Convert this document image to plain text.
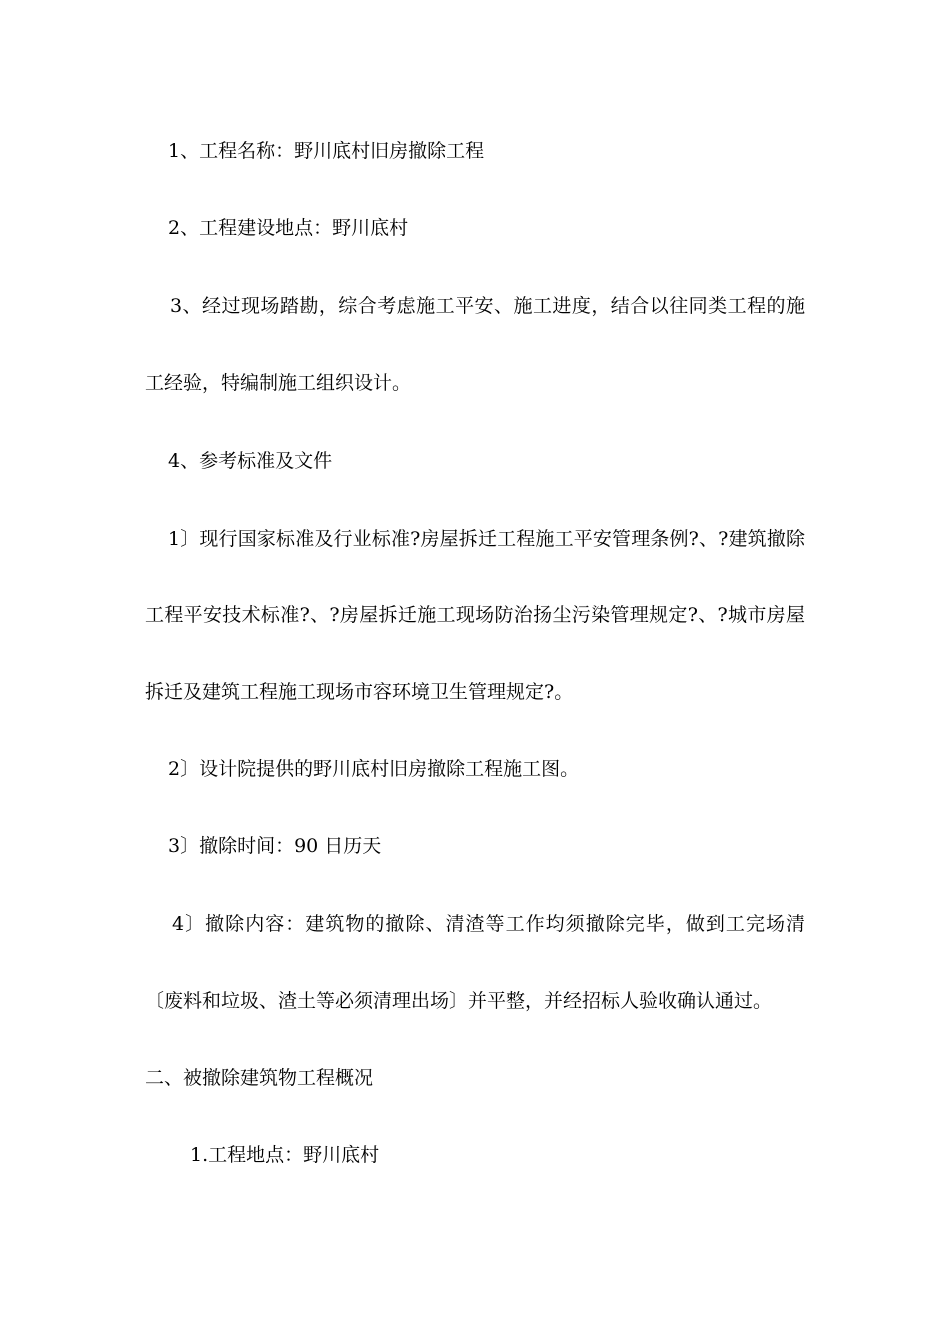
1、工程名称：野川底村旧房撤除工程

2、工程建设地点：野川底村

3、经过现场踏勘，综合考虑施工平安、施工进度，结合以往同类工程的施

工经验，特编制施工组织设计。

4、参考标准及文件

1〕现行国家标准及行业标准?房屋拆迁工程施工平安管理条例?、?建筑撤除

工程平安技术标准?、?房屋拆迁施工现场防治扬尘污染管理规定?、?城市房屋

拆迁及建筑工程施工现场市容环境卫生管理规定?。

2〕设计院提供的野川底村旧房撤除工程施工图。

3〕撤除时间：90 日历天

4〕撤除内容：建筑物的撤除、清渣等工作均须撤除完毕，做到工完场清

〔废料和垃圾、渣土等必须清理出场〕并平整，并经招标人验收确认通过。

二、被撤除建筑物工程概况

1.工程地点：野川底村
